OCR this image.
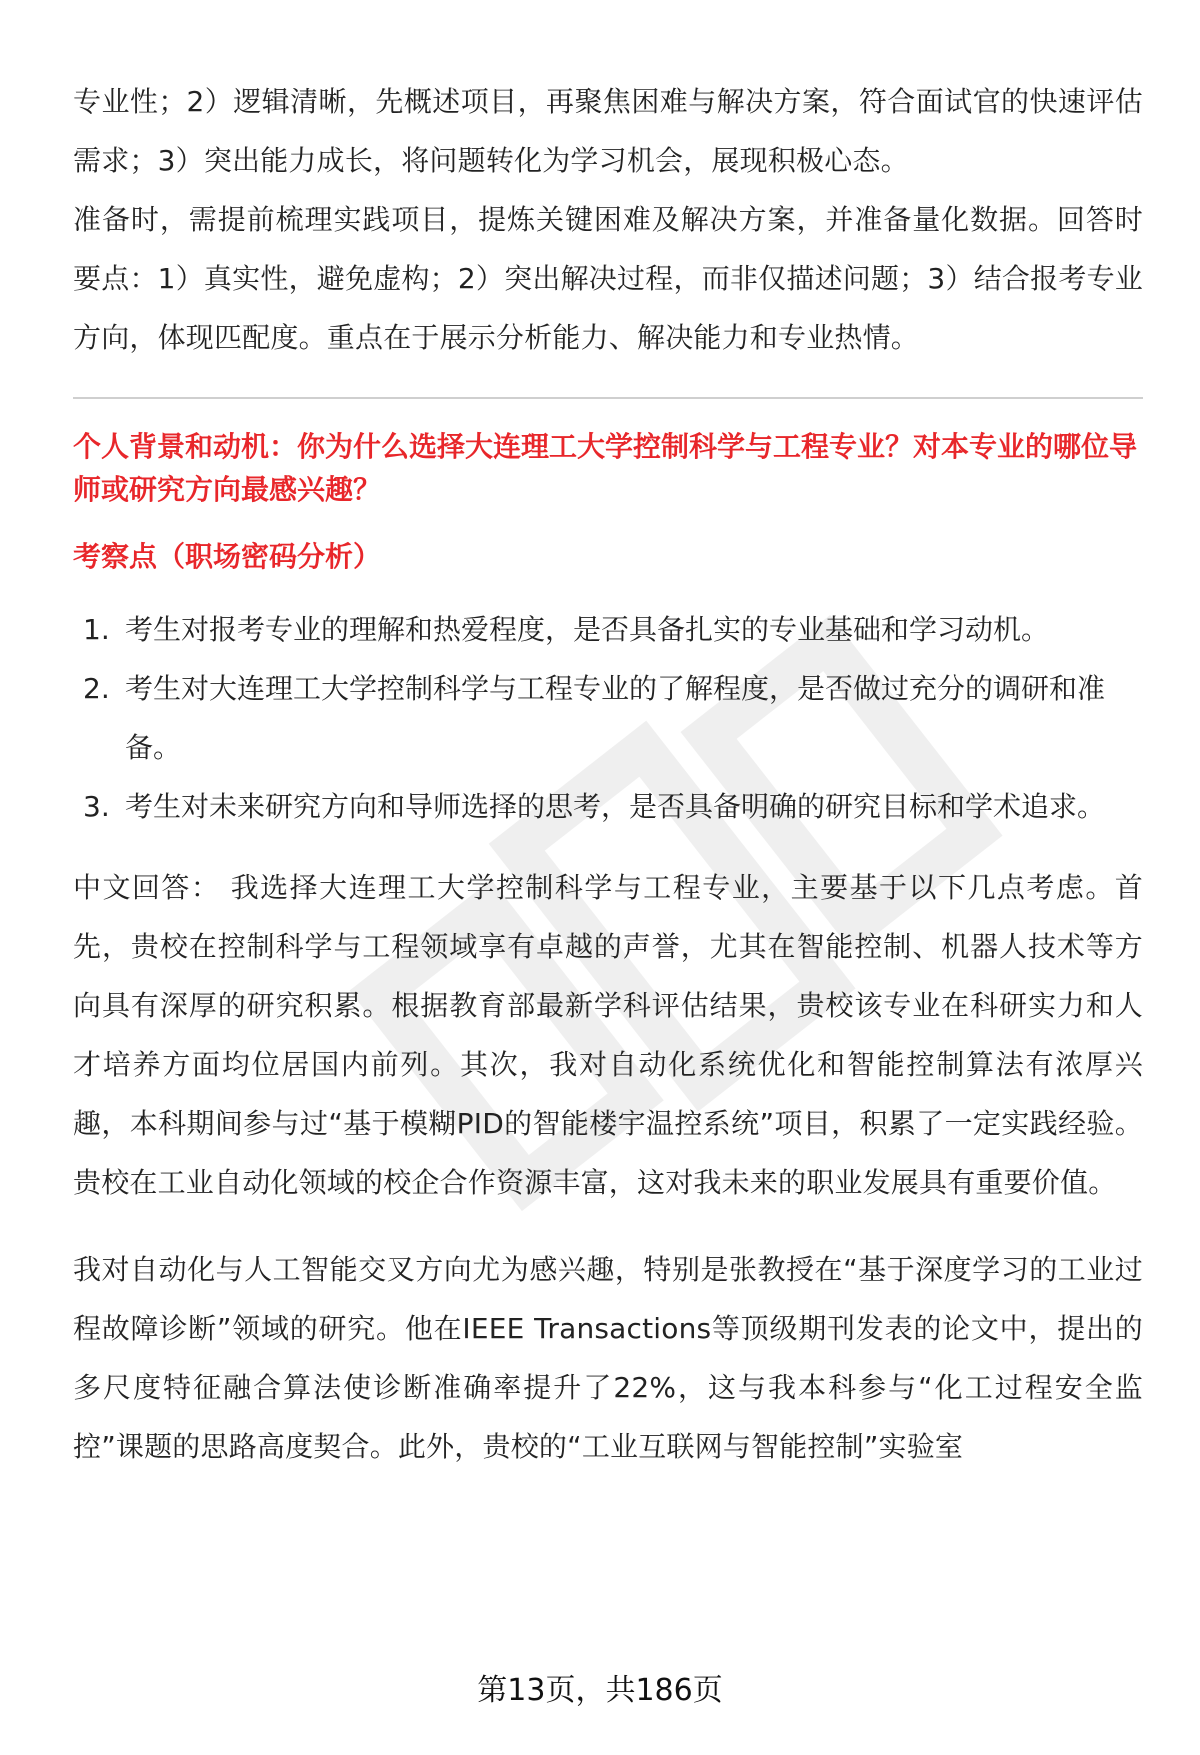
专业性；2）逻辑清晰，先概述项目，再聚焦困难与解决方案，符合面试官的快速评估需求；3）突出能力成长，将问题转化为学习机会，展现积极心态。

准备时，需提前梳理实践项目，提炼关键困难及解决方案，并准备量化数据。回答时要点：1）真实性，避免虚构；2）突出解决过程，而非仅描述问题；3）结合报考专业方向，体现匹配度。重点在于展示分析能力、解决能力和专业热情。

个人背景和动机：你为什么选择大连理工大学控制科学与工程专业？对本专业的哪位导师或研究方向最感兴趣？

考察点（职场密码分析）

1. 考生对报考专业的理解和热爱程度，是否具备扎实的专业基础和学习动机。
2. 考生对大连理工大学控制科学与工程专业的了解程度，是否做过充分的调研和准备。
3. 考生对未来研究方向和导师选择的思考，是否具备明确的研究目标和学术追求。

中文回答： 我选择大连理工大学控制科学与工程专业，主要基于以下几点考虑。首先，贵校在控制科学与工程领域享有卓越的声誉，尤其在智能控制、机器人技术等方向具有深厚的研究积累。根据教育部最新学科评估结果，贵校该专业在科研实力和人才培养方面均位居国内前列。其次，我对自动化系统优化和智能控制算法有浓厚兴趣，本科期间参与过“基于模糊PID的智能楼宇温控系统”项目，积累了一定实践经验。贵校在工业自动化领域的校企合作资源丰富，这对我未来的职业发展具有重要价值。

我对自动化与人工智能交叉方向尤为感兴趣，特别是张教授在“基于深度学习的工业过程故障诊断”领域的研究。他在IEEE Transactions等顶级期刊发表的论文中，提出的多尺度特征融合算法使诊断准确率提升了22%，这与我本科参与“化工过程安全监控”课题的思路高度契合。此外，贵校的“工业互联网与智能控制”实验室

第13页，共186页
